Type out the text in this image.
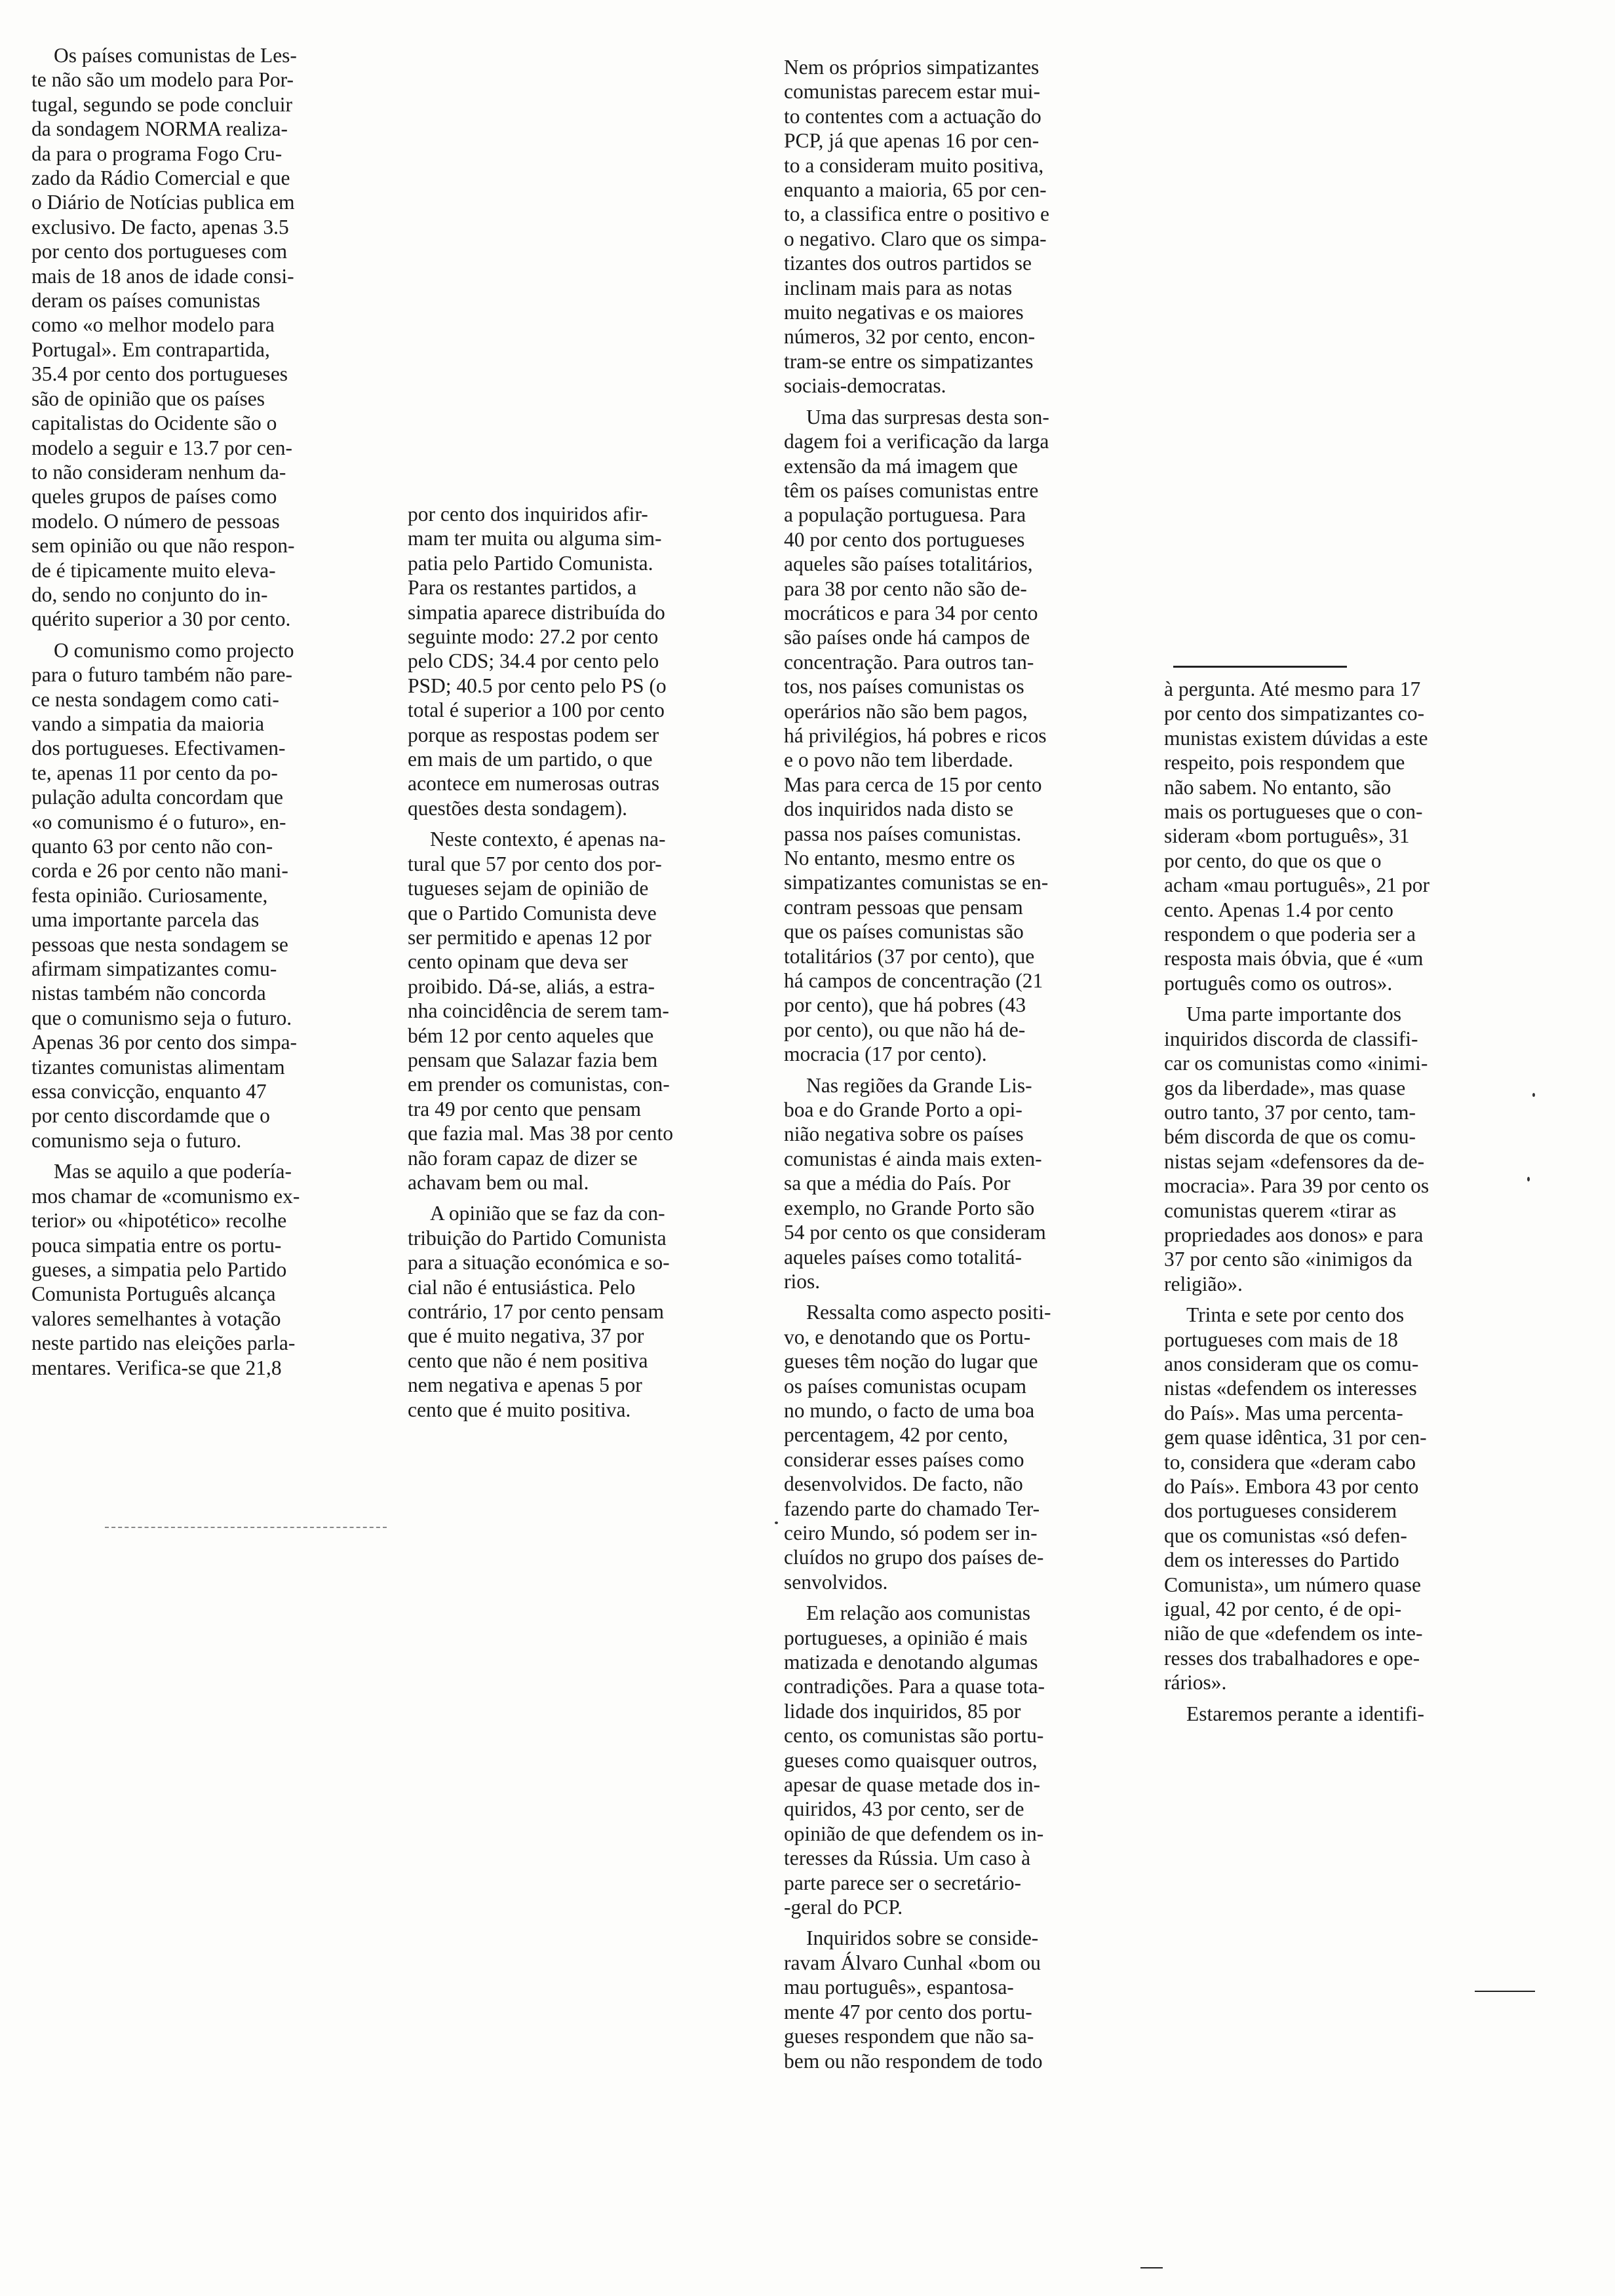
Os países comunistas de Les-
te não são um modelo para Por-
tugal, segundo se pode concluir
da sondagem NORMA realiza-
da para o programa Fogo Cru-
zado da Rádio Comercial e que
o Diário de Notícias publica em
exclusivo. De facto, apenas 3.5
por cento dos portugueses com
mais de 18 anos de idade consi-
deram os países comunistas
como «o melhor modelo para
Portugal». Em contrapartida,
35.4 por cento dos portugueses
são de opinião que os países
capitalistas do Ocidente são o
modelo a seguir e 13.7 por cen-
to não consideram nenhum da-
queles grupos de países como
modelo. O número de pessoas
sem opinião ou que não respon-
de é tipicamente muito eleva-
do, sendo no conjunto do in-
quérito superior a 30 por cento.

O comunismo como projecto
para o futuro também não pare-
ce nesta sondagem como cati-
vando a simpatia da maioria
dos portugueses. Efectivamen-
te, apenas 11 por cento da po-
pulação adulta concordam que
«o comunismo é o futuro», en-
quanto 63 por cento não con-
corda e 26 por cento não mani-
festa opinião. Curiosamente,
uma importante parcela das
pessoas que nesta sondagem se
afirmam simpatizantes comu-
nistas também não concorda
que o comunismo seja o futuro.
Apenas 36 por cento dos simpa-
tizantes comunistas alimentam
essa convicção, enquanto 47
por cento discordamde que o
comunismo seja o futuro.

Mas se aquilo a que podería-
mos chamar de «comunismo ex-
terior» ou «hipotético» recolhe
pouca simpatia entre os portu-
gueses, a simpatia pelo Partido
Comunista Português alcança
valores semelhantes à votação
neste partido nas eleições parla-
mentares. Verifica-se que 21,8

por cento dos inquiridos afir-
mam ter muita ou alguma sim-
patia pelo Partido Comunista.
Para os restantes partidos, a
simpatia aparece distribuída do
seguinte modo: 27.2 por cento
pelo CDS; 34.4 por cento pelo
PSD; 40.5 por cento pelo PS (o
total é superior a 100 por cento
porque as respostas podem ser
em mais de um partido, o que
acontece em numerosas outras
questões desta sondagem).

Neste contexto, é apenas na-
tural que 57 por cento dos por-
tugueses sejam de opinião de
que o Partido Comunista deve
ser permitido e apenas 12 por
cento opinam que deva ser
proibido. Dá-se, aliás, a estra-
nha coincidência de serem tam-
bém 12 por cento aqueles que
pensam que Salazar fazia bem
em prender os comunistas, con-
tra 49 por cento que pensam
que fazia mal. Mas 38 por cento
não foram capaz de dizer se
achavam bem ou mal.

A opinião que se faz da con-
tribuição do Partido Comunista
para a situação económica e so-
cial não é entusiástica. Pelo
contrário, 17 por cento pensam
que é muito negativa, 37 por
cento que não é nem positiva
nem negativa e apenas 5 por
cento que é muito positiva.

Nem os próprios simpatizantes
comunistas parecem estar mui-
to contentes com a actuação do
PCP, já que apenas 16 por cen-
to a consideram muito positiva,
enquanto a maioria, 65 por cen-
to, a classifica entre o positivo e
o negativo. Claro que os simpa-
tizantes dos outros partidos se
inclinam mais para as notas
muito negativas e os maiores
números, 32 por cento, encon-
tram-se entre os simpatizantes
sociais-democratas.

Uma das surpresas desta son-
dagem foi a verificação da larga
extensão da má imagem que
têm os países comunistas entre
a população portuguesa. Para
40 por cento dos portugueses
aqueles são países totalitários,
para 38 por cento não são de-
mocráticos e para 34 por cento
são países onde há campos de
concentração. Para outros tan-
tos, nos países comunistas os
operários não são bem pagos,
há privilégios, há pobres e ricos
e o povo não tem liberdade.
Mas para cerca de 15 por cento
dos inquiridos nada disto se
passa nos países comunistas.
No entanto, mesmo entre os
simpatizantes comunistas se en-
contram pessoas que pensam
que os países comunistas são
totalitários (37 por cento), que
há campos de concentração (21
por cento), que há pobres (43
por cento), ou que não há de-
mocracia (17 por cento).

Nas regiões da Grande Lis-
boa e do Grande Porto a opi-
nião negativa sobre os países
comunistas é ainda mais exten-
sa que a média do País. Por
exemplo, no Grande Porto são
54 por cento os que consideram
aqueles países como totalitá-
rios.

Ressalta como aspecto positi-
vo, e denotando que os Portu-
gueses têm noção do lugar que
os países comunistas ocupam
no mundo, o facto de uma boa
percentagem, 42 por cento,
considerar esses países como
desenvolvidos. De facto, não
fazendo parte do chamado Ter-
ceiro Mundo, só podem ser in-
cluídos no grupo dos países de-
senvolvidos.

Em relação aos comunistas
portugueses, a opinião é mais
matizada e denotando algumas
contradições. Para a quase tota-
lidade dos inquiridos, 85 por
cento, os comunistas são portu-
gueses como quaisquer outros,
apesar de quase metade dos in-
quiridos, 43 por cento, ser de
opinião de que defendem os in-
teresses da Rússia. Um caso à
parte parece ser o secretário-
-geral do PCP.

Inquiridos sobre se conside-
ravam Álvaro Cunhal «bom ou
mau português», espantosa-
mente 47 por cento dos portu-
gueses respondem que não sa-
bem ou não respondem de todo

à pergunta. Até mesmo para 17
por cento dos simpatizantes co-
munistas existem dúvidas a este
respeito, pois respondem que
não sabem. No entanto, são
mais os portugueses que o con-
sideram «bom português», 31
por cento, do que os que o
acham «mau português», 21 por
cento. Apenas 1.4 por cento
respondem o que poderia ser a
resposta mais óbvia, que é «um
português como os outros».

Uma parte importante dos
inquiridos discorda de classifi-
car os comunistas como «inimi-
gos da liberdade», mas quase
outro tanto, 37 por cento, tam-
bém discorda de que os comu-
nistas sejam «defensores da de-
mocracia». Para 39 por cento os
comunistas querem «tirar as
propriedades aos donos» e para
37 por cento são «inimigos da
religião».

Trinta e sete por cento dos
portugueses com mais de 18
anos consideram que os comu-
nistas «defendem os interesses
do País». Mas uma percenta-
gem quase idêntica, 31 por cen-
to, considera que «deram cabo
do País». Embora 43 por cento
dos portugueses considerem
que os comunistas «só defen-
dem os interesses do Partido
Comunista», um número quase
igual, 42 por cento, é de opi-
nião de que «defendem os inte-
resses dos trabalhadores e ope-
rários».

Estaremos perante a identifi-
